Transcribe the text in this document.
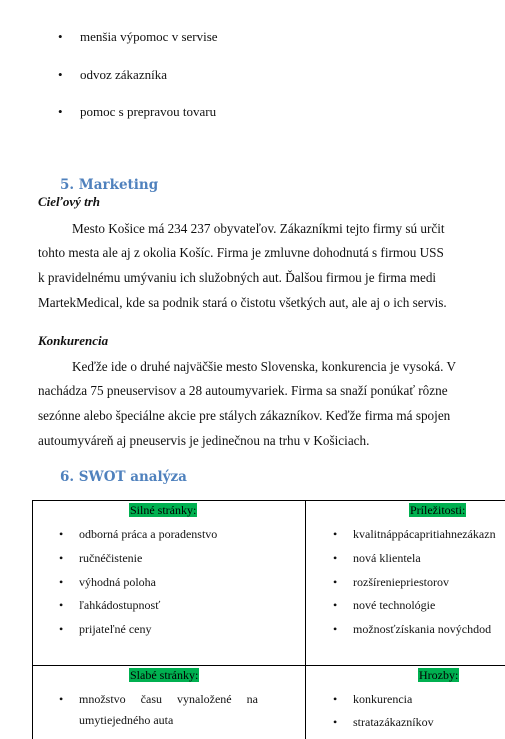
• menšia výpomoc v servise
• odvoz zákazníka
• pomoc s prepravou tovaru
5. Marketing
Cieľový trh
Mesto Košice má 234 237 obyvateľov. Zákazníkmi tejto firmy sú určit
tohto mesta ale aj z okolia Košíc. Firma je zmluvne dohodnutá s firmou USS
k pravidelnému umývaniu ich služobných aut. Ďalšou firmou je firma medi
MartekMedical, kde sa podnik stará o čistotu všetkých aut, ale aj o ich servis.
Konkurencia
Keďže ide o druhé najväčšie mesto Slovenska, konkurencia je vysoká. V
nachádza 75 pneuservisov a 28 autoumyvariek. Firma sa snaží ponúkať rôzne
sezónne alebo špeciálne akcie pre stálych zákazníkov. Keďže firma má spojen
autoumyváreň aj pneuservis je jedinečnou na trhu v Košiciach.
6. SWOT analýza
Silné stránky:
• odborná práca a poradenstvo
• ručnéčistenie
• výhodná poloha
• ľahkádostupnosť
• prijateľné ceny
Príležitosti:
• kvalitnápрácapritiahnezákazn
• nová klientela
• rozšíreniepriestorov
• nové technológie
• možnosťzískania novýchdod
Slabé stránky:
• množstvo     času     vynaložené     na
umytiejedného auta
Hrozby:
• konkurencia
• stratazákazníkov
